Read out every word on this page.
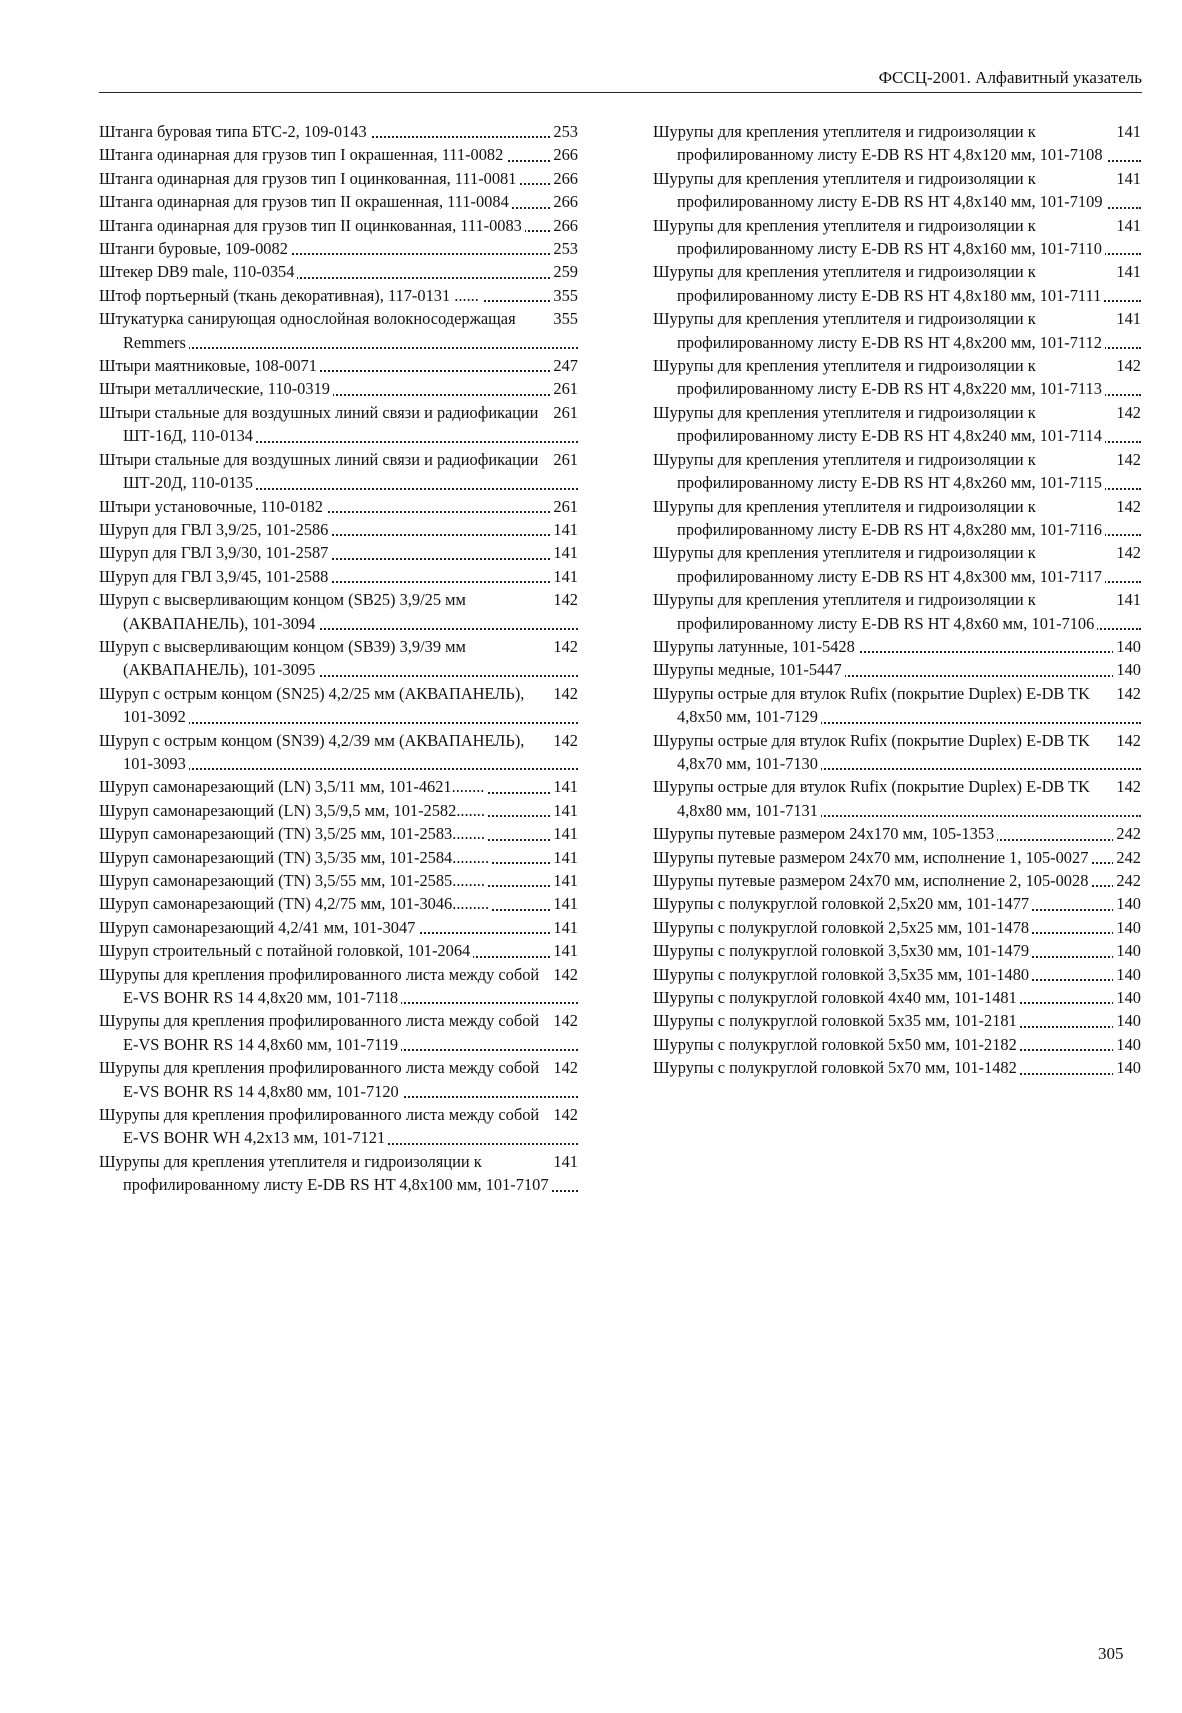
ФССЦ-2001. Алфавитный указатель
253
Штанга буровая типа БТС-2, 109-0143
266
Штанга одинарная для грузов тип I окрашенная, 111-0082
266
Штанга одинарная для грузов тип I оцинкованная, 111-0081
266
Штанга одинарная для грузов тип II окрашенная, 111-0084
266
Штанга одинарная для грузов тип II оцинкованная, 111-0083
253
Штанги буровые, 109-0082
259
Штекер DB9 male, 110-0354
355
Штоф портьерный (ткань декоративная), 117-0131 ......
355
Штукатурка санирующая однослойная волокносодержащая Remmers
247
Штыри маятниковые, 108-0071
261
Штыри металлические, 110-0319
261
Штыри стальные для воздушных линий связи и радиофикации ШТ-16Д, 110-0134
261
Штыри стальные для воздушных линий связи и радиофикации ШТ-20Д, 110-0135
261
Штыри установочные, 110-0182
141
Шуруп для ГВЛ 3,9/25, 101-2586
141
Шуруп для ГВЛ 3,9/30, 101-2587
141
Шуруп для ГВЛ 3,9/45, 101-2588
142
Шуруп с высверливающим концом (SB25) 3,9/25 мм (АКВАПАНЕЛЬ), 101-3094
142
Шуруп с высверливающим концом (SB39) 3,9/39 мм (АКВАПАНЕЛЬ), 101-3095
142
Шуруп с острым концом (SN25) 4,2/25 мм (АКВАПАНЕЛЬ), 101-3092
142
Шуруп с острым концом (SN39) 4,2/39 мм (АКВАПАНЕЛЬ), 101-3093
141
Шуруп самонарезающий (LN) 3,5/11 мм, 101-4621........
141
Шуруп самонарезающий (LN) 3,5/9,5 мм, 101-2582.......
141
Шуруп самонарезающий (TN) 3,5/25 мм, 101-2583........
141
Шуруп самонарезающий (TN) 3,5/35 мм, 101-2584.........
141
Шуруп самонарезающий (TN) 3,5/55 мм, 101-2585........
141
Шуруп самонарезающий (TN) 4,2/75 мм, 101-3046.........
141
Шуруп самонарезающий 4,2/41 мм, 101-3047
141
Шуруп строительный с потайной головкой, 101-2064
142
Шурупы для крепления профилированного листа между собой E-VS BOHR RS 14 4,8x20 мм, 101-7118
142
Шурупы для крепления профилированного листа между собой E-VS BOHR RS 14 4,8x60 мм, 101-7119
142
Шурупы для крепления профилированного листа между собой E-VS BOHR RS 14 4,8x80 мм, 101-7120
142
Шурупы для крепления профилированного листа между собой E-VS BOHR WH 4,2x13 мм, 101-7121
141
Шурупы для крепления утеплителя и гидроизоляции к профилированному листу E-DB RS HT 4,8x100 мм, 101-7107
141
Шурупы для крепления утеплителя и гидроизоляции к профилированному листу E-DB RS HT 4,8x120 мм, 101-7108
141
Шурупы для крепления утеплителя и гидроизоляции к профилированному листу E-DB RS HT 4,8x140 мм, 101-7109
141
Шурупы для крепления утеплителя и гидроизоляции к профилированному листу E-DB RS HT 4,8x160 мм, 101-7110
141
Шурупы для крепления утеплителя и гидроизоляции к профилированному листу E-DB RS HT 4,8x180 мм, 101-7111
141
Шурупы для крепления утеплителя и гидроизоляции к профилированному листу E-DB RS HT 4,8x200 мм, 101-7112
142
Шурупы для крепления утеплителя и гидроизоляции к профилированному листу E-DB RS HT 4,8x220 мм, 101-7113
142
Шурупы для крепления утеплителя и гидроизоляции к профилированному листу E-DB RS HT 4,8x240 мм, 101-7114
142
Шурупы для крепления утеплителя и гидроизоляции к профилированному листу E-DB RS HT 4,8x260 мм, 101-7115
142
Шурупы для крепления утеплителя и гидроизоляции к профилированному листу E-DB RS HT 4,8x280 мм, 101-7116
142
Шурупы для крепления утеплителя и гидроизоляции к профилированному листу E-DB RS HT 4,8x300 мм, 101-7117
141
Шурупы для крепления утеплителя и гидроизоляции к профилированному листу E-DB RS HT 4,8x60 мм, 101-7106
140
Шурупы латунные, 101-5428
140
Шурупы медные, 101-5447
142
Шурупы острые для втулок Rufix (покрытие Duplex) E-DB TK 4,8x50 мм, 101-7129
142
Шурупы острые для втулок Rufix (покрытие Duplex) E-DB TK 4,8x70 мм, 101-7130
142
Шурупы острые для втулок Rufix (покрытие Duplex) E-DB TK 4,8x80 мм, 101-7131
242
Шурупы путевые размером 24x170 мм, 105-1353
242
Шурупы путевые размером 24x70 мм, исполнение 1, 105-0027
242
Шурупы путевые размером 24x70 мм, исполнение 2, 105-0028
140
Шурупы с полукруглой головкой 2,5x20 мм, 101-1477
140
Шурупы с полукруглой головкой 2,5x25 мм, 101-1478
140
Шурупы с полукруглой головкой 3,5x30 мм, 101-1479
140
Шурупы с полукруглой головкой 3,5x35 мм, 101-1480
140
Шурупы с полукруглой головкой 4x40 мм, 101-1481
140
Шурупы с полукруглой головкой 5x35 мм, 101-2181
140
Шурупы с полукруглой головкой 5x50 мм, 101-2182
140
Шурупы с полукруглой головкой 5x70 мм, 101-1482
305
